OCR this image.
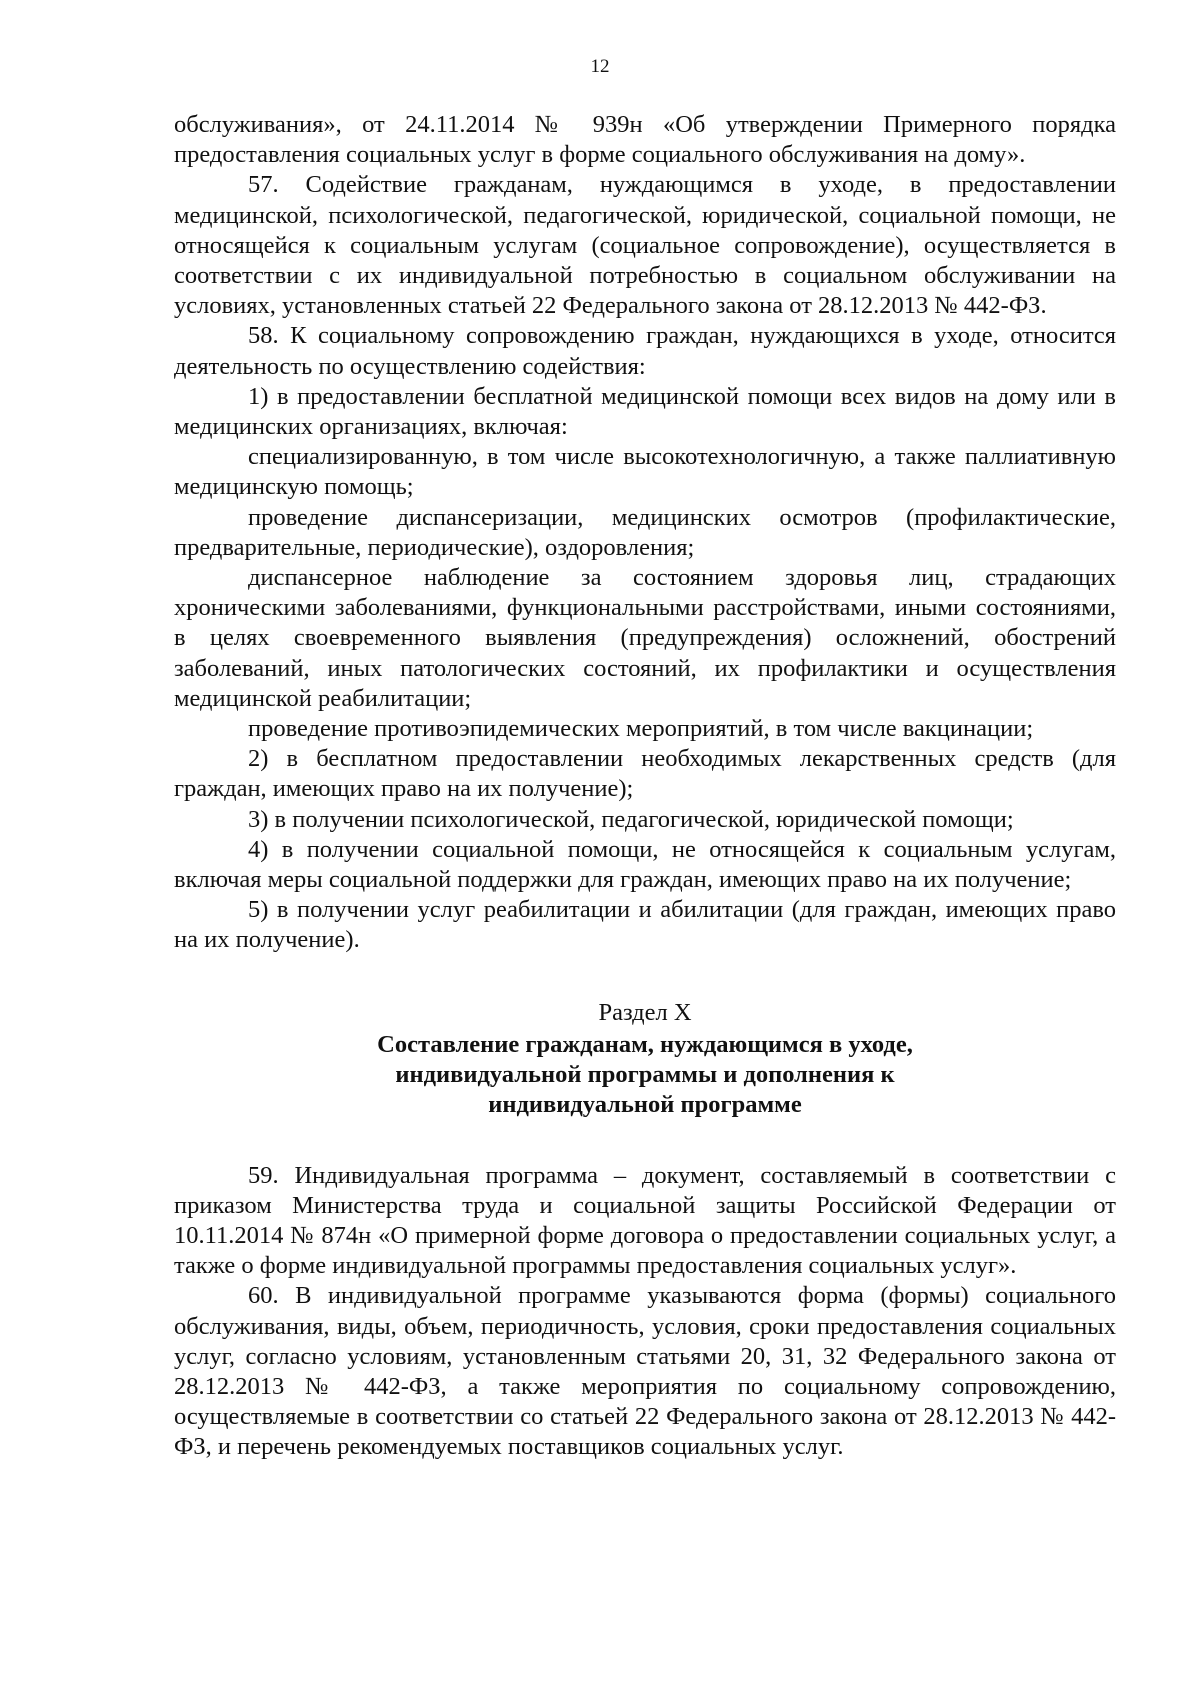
12

обслуживания», от 24.11.2014 № 939н «Об утверждении Примерного порядка предоставления социальных услуг в форме социального обслуживания на дому».

57. Содействие гражданам, нуждающимся в уходе, в предоставлении медицинской, психологической, педагогической, юридической, социальной помощи, не относящейся к социальным услугам (социальное сопровождение), осуществляется в соответствии с их индивидуальной потребностью в социальном обслуживании на условиях, установленных статьей 22 Федерального закона от 28.12.2013 № 442-ФЗ.

58. К социальному сопровождению граждан, нуждающихся в уходе, относится деятельность по осуществлению содействия:

1) в предоставлении бесплатной медицинской помощи всех видов на дому или в медицинских организациях, включая:

специализированную, в том числе высокотехнологичную, а также паллиативную медицинскую помощь;

проведение диспансеризации, медицинских осмотров (профилактические, предварительные, периодические), оздоровления;

диспансерное наблюдение за состоянием здоровья лиц, страдающих хроническими заболеваниями, функциональными расстройствами, иными состояниями, в целях своевременного выявления (предупреждения) осложнений, обострений заболеваний, иных патологических состояний, их профилактики и осуществления медицинской реабилитации;

проведение противоэпидемических мероприятий, в том числе вакцинации;

2) в бесплатном предоставлении необходимых лекарственных средств (для граждан, имеющих право на их получение);

3) в получении психологической, педагогической, юридической помощи;

4) в получении социальной помощи, не относящейся к социальным услугам, включая меры социальной поддержки для граждан, имеющих право на их получение;

5) в получении услуг реабилитации и абилитации (для граждан, имеющих право на их получение).

Раздел X

Составление гражданам, нуждающимся в уходе, индивидуальной программы и дополнения к индивидуальной программе

59. Индивидуальная программа – документ, составляемый в соответствии с приказом Министерства труда и социальной защиты Российской Федерации от 10.11.2014 № 874н «О примерной форме договора о предоставлении социальных услуг, а также о форме индивидуальной программы предоставления социальных услуг».

60. В индивидуальной программе указываются форма (формы) социального обслуживания, виды, объем, периодичность, условия, сроки предоставления социальных услуг, согласно условиям, установленным статьями 20, 31, 32 Федерального закона от 28.12.2013 № 442-ФЗ, а также мероприятия по социальному сопровождению, осуществляемые в соответствии со статьей 22 Федерального закона от 28.12.2013 № 442-ФЗ, и перечень рекомендуемых поставщиков социальных услуг.
